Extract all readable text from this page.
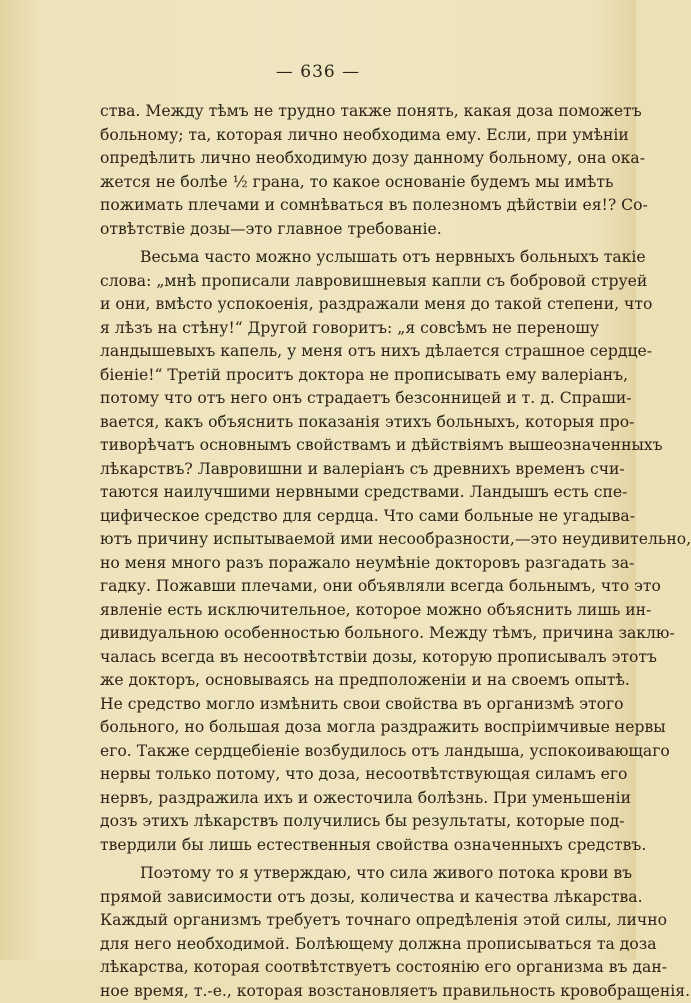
— 636 —
ства. Между тѣмъ не трудно также понять, какая доза поможетъ
больному; та, которая лично необходима ему. Если, при умѣніи
опредѣлить лично необходимую дозу данному больному, она ока-
жется не болѣе ½ грана, то какое основаніе будемъ мы имѣть
пожимать плечами и сомнѣваться въ полезномъ дѣйствіи ея!? Со-
отвѣтствіе дозы—это главное требованіе.
Весьма часто можно услышать отъ нервныхъ больныхъ такіе
слова: „мнѣ прописали лавровишневыя капли съ бобровой струей
и они, вмѣсто успокоенія, раздражали меня до такой степени, что
я лѣзъ на стѣну!“ Другой говоритъ: „я совсѣмъ не переношу
ландышевыхъ капель, у меня отъ нихъ дѣлается страшное сердце-
біеніе!“ Третій проситъ доктора не прописывать ему валеріанъ,
потому что отъ него онъ страдаетъ безсонницей и т. д. Спраши-
вается, какъ объяснить показанія этихъ больныхъ, которыя про-
тиворѣчатъ основнымъ свойствамъ и дѣйствіямъ вышеозначенныхъ
лѣкарствъ? Лавровишни и валеріанъ съ древнихъ временъ счи-
таются наилучшими нервными средствами. Ландышъ есть спе-
цифическое средство для сердца. Что сами больные не угадыва-
ютъ причину испытываемой ими несообразности,—это неудивительно,
но меня много разъ поражало неумѣніе докторовъ разгадать за-
гадку. Пожавши плечами, они объявляли всегда больнымъ, что это
явленіе есть исключительное, которое можно объяснить лишь ин-
дивидуальною особенностью больного. Между тѣмъ, причина заклю-
чалась всегда въ несоотвѣтствіи дозы, которую прописывалъ этотъ
же докторъ, основываясь на предположеніи и на своемъ опытѣ.
Не средство могло измѣнить свои свойства въ организмѣ этого
больного, но большая доза могла раздражить воспріимчивые нервы
его. Также сердцебіеніе возбудилось отъ ландыша, успокоивающаго
нервы только потому, что доза, несоотвѣтствующая силамъ его
нервъ, раздражила ихъ и ожесточила болѣзнь. При уменьшеніи
дозъ этихъ лѣкарствъ получились бы результаты, которые под-
твердили бы лишь естественныя свойства означенныхъ средствъ.
Поэтому то я утверждаю, что сила живого потока крови въ
прямой зависимости отъ дозы, количества и качества лѣкарства.
Каждый организмъ требуетъ точнаго опредѣленія этой силы, лично
для него необходимой. Болѣющему должна прописываться та доза
лѣкарства, которая соотвѣтствуетъ состоянію его организма въ дан-
ное время, т.-е., которая возстановляетъ правильность кровобращенія.
